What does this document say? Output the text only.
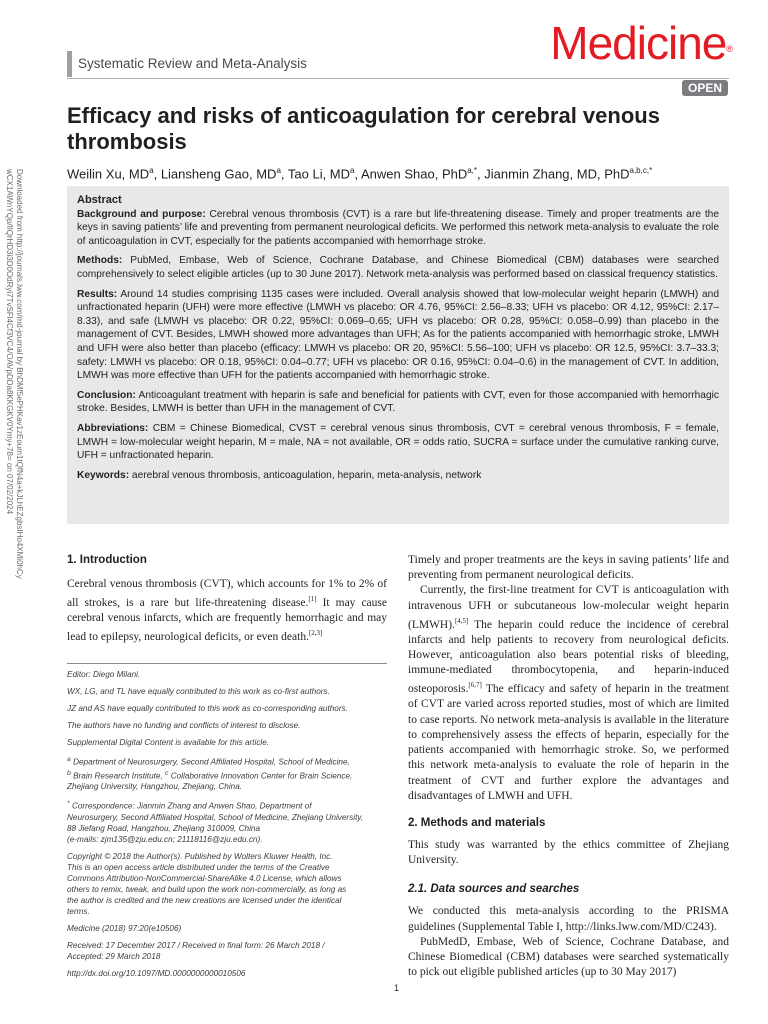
Systematic Review and Meta-Analysis	Medicine®
OPEN
Downloaded from http://journals.lww.com/md-journal by BhDMf5ePHKav1zEoum1tQfN4a+kJLhEZgbsIHo4XMi0hCy
wCX1AWnYQp/IlQrHD3i3D0OdRyi7TvSFl4Cf3VC4/OAVpDDa8KKGKV0Ymy+78= on 07/02/2024
Efficacy and risks of anticoagulation for cerebral venous thrombosis
Weilin Xu, $MD^a$, Liansheng Gao, $MD^a$, Tao Li, $MD^a$, Anwen Shao, PhD$^{a,*}$, Jianmin Zhang, MD, PhD$^{a,b,c,*}$
Abstract

Background and purpose: Cerebral venous thrombosis (CVT) is a rare but life-threatening disease. Timely and proper treatments are the keys in saving patients’ life and preventing from permanent neurological deficits. We performed this network meta-analysis to evaluate the role of anticoagulation in CVT, especially for the patients accompanied with hemorrhage stroke.

Methods: PubMed, Embase, Web of Science, Cochrane Database, and Chinese Biomedical (CBM) databases were searched comprehensively to select eligible articles (up to 30 June 2017). Network meta-analysis was performed based on classical frequency statistics.

Results: Around 14 studies comprising 1135 cases were included. Overall analysis showed that low-molecular weight heparin (LMWH) and unfractionated heparin (UFH) were more effective (LMWH vs placebo: OR 4.76, 95%CI: 2.56–8.33; UFH vs placebo: OR 4.12, 95%CI: 2.17–8.33), and safe (LMWH vs placebo: OR 0.22, 95%CI: 0.069–0.65; UFH vs placebo: OR 0.28, 95%CI: 0.058–0.99) than placebo in the management of CVT. Besides, LMWH showed more advantages than UFH; As for the patients accompanied with hemorrhagic stroke, LMWH and UFH were also better than placebo (efficacy: LMWH vs placebo: OR 20, 95%CI: 5.56–100; UFH vs placebo: OR 12.5, 95%CI: 3.7–33.3; safety: LMWH vs placebo: OR 0.18, 95%CI: 0.04–0.77; UFH vs placebo: OR 0.16, 95%CI: 0.04–0.6) in the management of CVT. In addition, LMWH was more effective than UFH for the patients accompanied with hemorrhagic stroke.

Conclusion: Anticoagulant treatment with heparin is safe and beneficial for patients with CVT, even for those accompanied with hemorrhagic stroke. Besides, LMWH is better than UFH in the management of CVT.

Abbreviations: CBM = Chinese Biomedical, CVST = cerebral venous sinus thrombosis, CVT = cerebral venous thrombosis, F = female, LMWH = low-molecular weight heparin, M = male, NA = not available, OR = odds ratio, SUCRA = surface under the cumulative ranking curve, UFH = unfractionated heparin.

Keywords: aerebral venous thrombosis, anticoagulation, heparin, meta-analysis, network

1. Introduction

Cerebral venous thrombosis (CVT), which accounts for 1% to 2% of all strokes, is a rare but life-threatening disease.[1] It may cause cerebral venous infarcts, which are frequently hemorrhagic and may lead to epilepsy, neurological deficits, or even death.[2,3]

Editor: Diego Milani.

WX, LG, and TL have equally contributed to this work as co-first authors.

JZ and AS have equally contributed to this work as co-corresponding authors.

The authors have no funding and conflicts of interest to disclose.

Supplemental Digital Content is available for this article.

$^a$ Department of Neurosurgery, Second Affiliated Hospital, School of Medicine,
$^b$ Brain Research Institute, $^c$ Collaborative Innovation Center for Brain Science,
Zhejiang University, Hangzhou, Zhejiang, China.

* Correspondence: Jianmin Zhang and Anwen Shao, Department of
Neurosurgery, Second Affiliated Hospital, School of Medicine, Zhejiang University,
88 Jiefang Road, Hangzhou, Zhejiang 310009, China
(e-mails: zjm135@zju.edu.cn; 21118116@zju.edu.cn).

Copyright © 2018 the Author(s). Published by Wolters Kluwer Health, Inc.
This is an open access article distributed under the terms of the Creative
Commons Attribution-NonCommercial-ShareAlike 4.0 License, which allows
others to remix, tweak, and build upon the work non-commercially, as long as
the author is credited and the new creations are licensed under the identical
terms.

Medicine (2018) 97:20(e10506)

Received: 17 December 2017 / Received in final form: 26 March 2018 /
Accepted: 29 March 2018

http://dx.doi.org/10.1097/MD.0000000000010506

Timely and proper treatments are the keys in saving patients’ life and preventing from permanent neurological deficits.

Currently, the first-line treatment for CVT is anticoagulation with intravenous UFH or subcutaneous low-molecular weight heparin (LMWH).[4,5] The heparin could reduce the incidence of cerebral infarcts and help patients to recovery from neurological deficits. However, anticoagulation also bears potential risks of bleeding, immune-mediated thrombocytopenia, and heparin-induced osteoporosis.[6,7] The efficacy and safety of heparin in the treatment of CVT are varied across reported studies, most of which are limited to case reports. No network meta-analysis is available in the literature to comprehensively assess the effects of heparin, especially for the patients accompanied with hemorrhagic stroke. So, we performed this network meta-analysis to evaluate the role of heparin in the treatment of CVT and further explore the advantages and disadvantages of LMWH and UFH.

2. Methods and materials

This study was warranted by the ethics committee of Zhejiang University.

2.1. Data sources and searches

We conducted this meta-analysis according to the PRISMA guidelines (Supplemental Table I, http://links.lww.com/MD/C243).

PubMedD, Embase, Web of Science, Cochrane Database, and Chinese Biomedical (CBM) databases were searched systematically to pick out eligible published articles (up to 30 May 2017)

1
